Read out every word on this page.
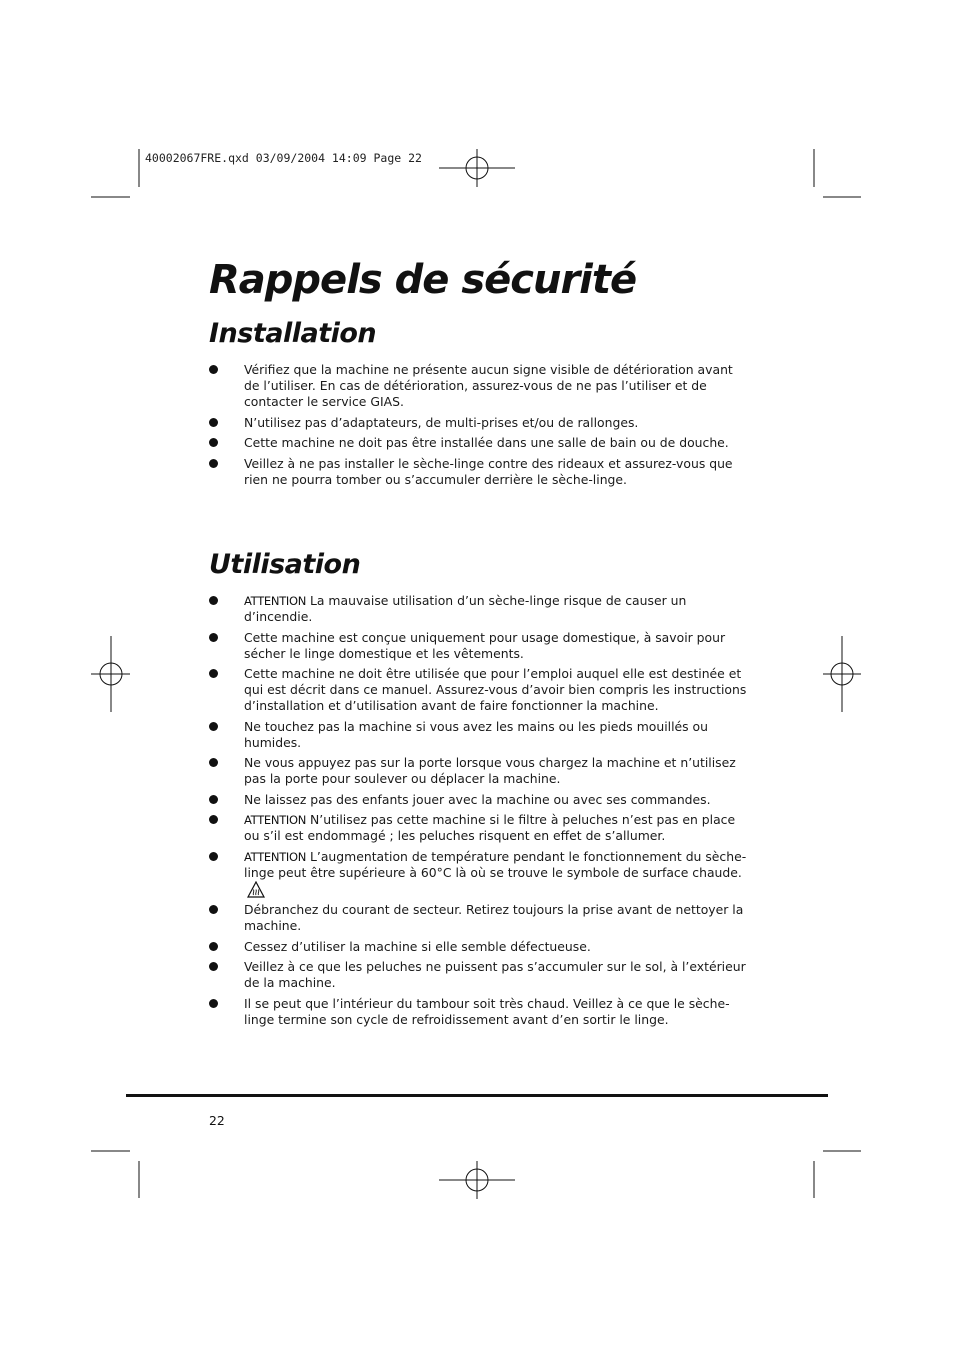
40002067FRE.qxd 03/09/2004 14:09 Page 22
Rappels de sécurité
Installation
Vérifiez que la machine ne présente aucun signe visible de détérioration avant de l’utiliser. En cas de détérioration, assurez-vous de ne pas l’utiliser et de contacter le service GIAS.
N’utilisez pas d’adaptateurs, de multi-prises et/ou de rallonges.
Cette machine ne doit pas être installée dans une salle de bain ou de douche.
Veillez à ne pas installer le sèche-linge contre des rideaux et assurez-vous que rien ne pourra tomber ou s’accumuler derrière le sèche-linge.
Utilisation
ATTENTION La mauvaise utilisation d’un sèche-linge risque de causer un d’incendie.
Cette machine est conçue uniquement pour usage domestique, à savoir pour sécher le linge domestique et les vêtements.
Cette machine ne doit être utilisée que pour l’emploi auquel elle est destinée et qui est décrit dans ce manuel. Assurez-vous d’avoir bien compris les instructions d’installation et d’utilisation avant de faire fonctionner la machine.
Ne touchez pas la machine si vous avez les mains ou les pieds mouillés ou humides.
Ne vous appuyez pas sur la porte lorsque vous chargez la machine et n’utilisez pas la porte pour soulever ou déplacer la machine.
Ne laissez pas des enfants jouer avec la machine ou avec ses commandes.
ATTENTION N’utilisez pas cette machine si le filtre à peluches n’est pas en place ou s’il est endommagé ; les peluches risquent en effet de s’allumer.
ATTENTION L’augmentation de température pendant le fonctionnement du sèche-linge peut être supérieure à 60°C là où se trouve le symbole de surface chaude.
Débranchez du courant de secteur. Retirez toujours la prise avant de nettoyer la machine.
Cessez d’utiliser la machine si elle semble défectueuse.
Veillez à ce que les peluches ne puissent pas s’accumuler sur le sol, à l’extérieur de la machine.
Il se peut que l’intérieur du tambour soit très chaud. Veillez à ce que le sèche-linge termine son cycle de refroidissement avant d’en sortir le linge.
22
